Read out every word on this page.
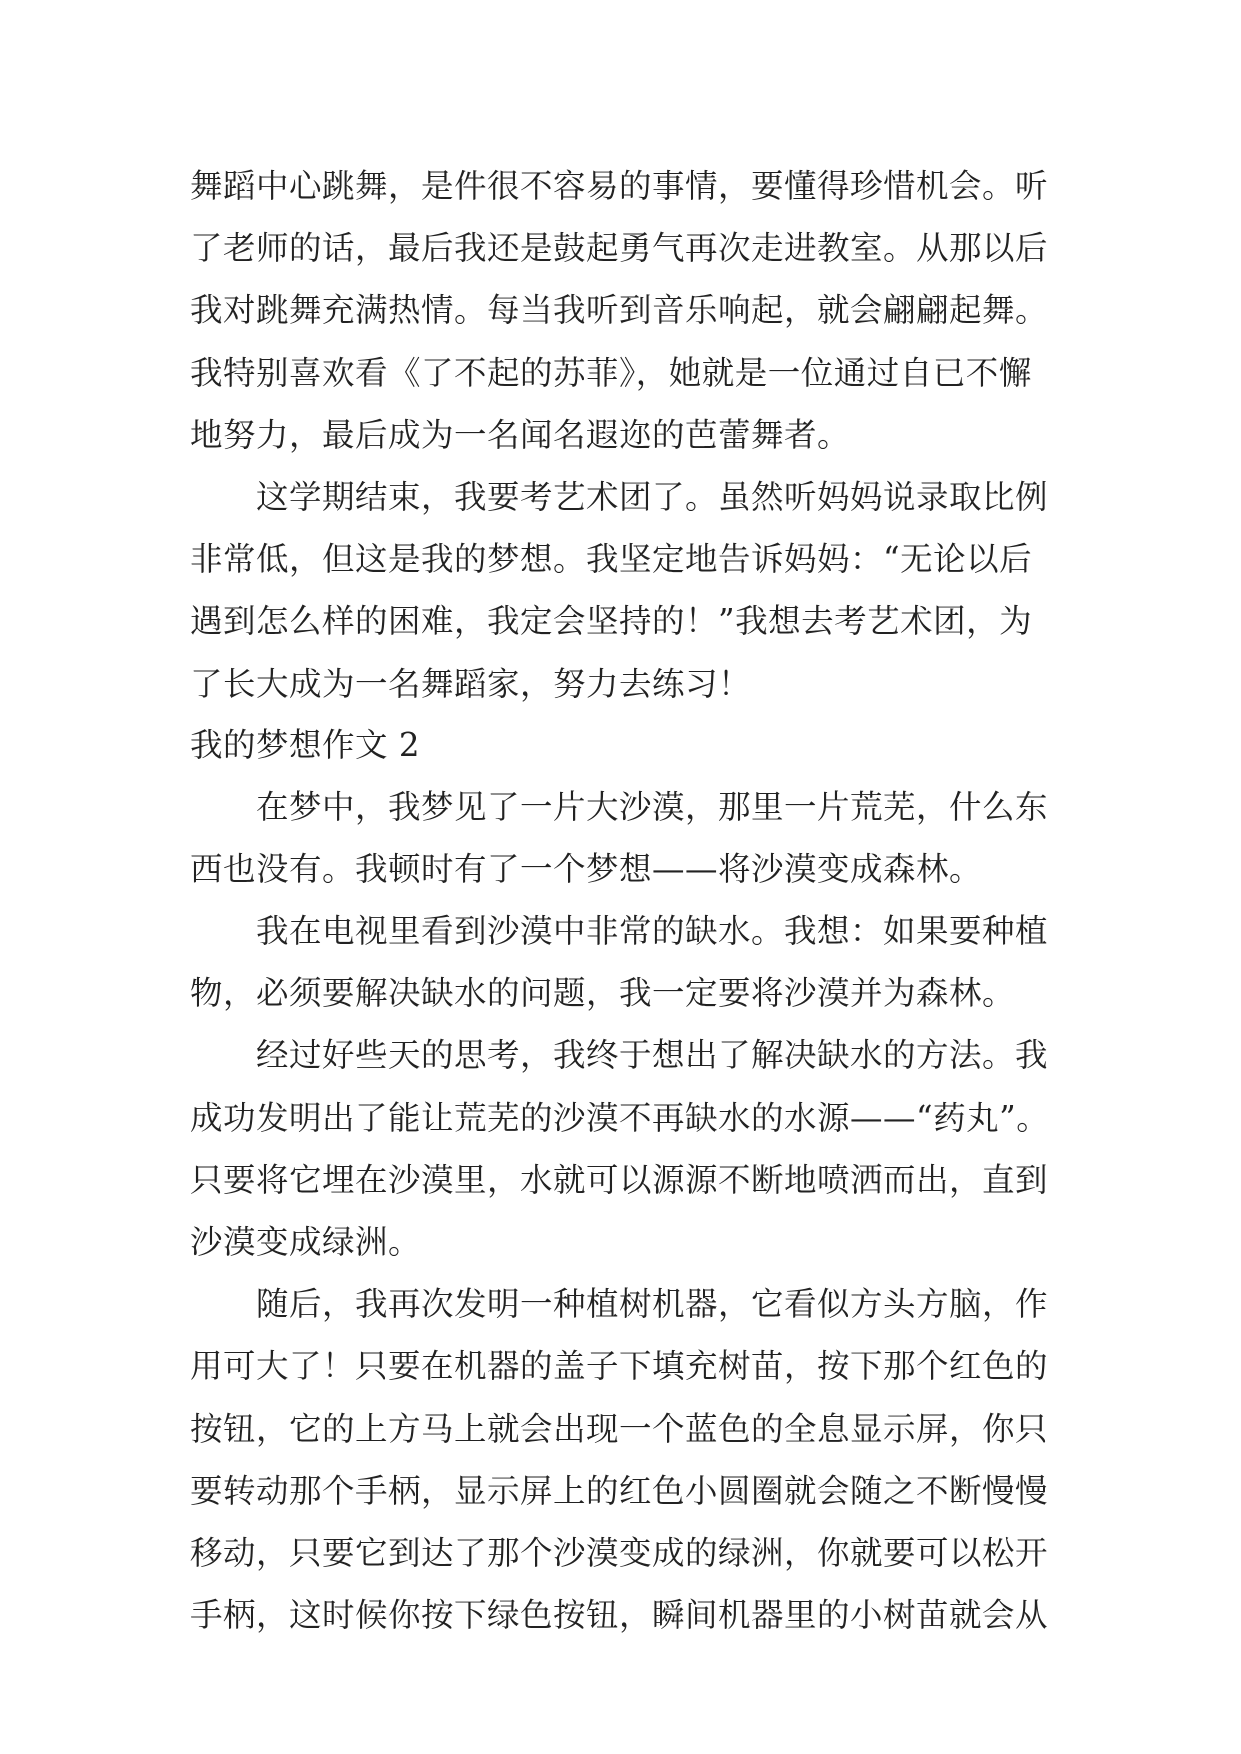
舞蹈中心跳舞，是件很不容易的事情，要懂得珍惜机会。听
了老师的话，最后我还是鼓起勇气再次走进教室。从那以后
我对跳舞充满热情。每当我听到音乐响起，就会翩翩起舞。
我特别喜欢看《了不起的苏菲》，她就是一位通过自已不懈
地努力，最后成为一名闻名遐迩的芭蕾舞者。
这学期结束，我要考艺术团了。虽然听妈妈说录取比例
非常低，但这是我的梦想。我坚定地告诉妈妈：“无论以后
遇到怎么样的困难，我定会坚持的！”我想去考艺术团，为
了长大成为一名舞蹈家，努力去练习！
我的梦想作文 2
在梦中，我梦见了一片大沙漠，那里一片荒芜，什么东
西也没有。我顿时有了一个梦想——将沙漠变成森林。
我在电视里看到沙漠中非常的缺水。我想：如果要种植
物，必须要解决缺水的问题，我一定要将沙漠并为森林。
经过好些天的思考，我终于想出了解决缺水的方法。我
成功发明出了能让荒芜的沙漠不再缺水的水源——“药丸”。
只要将它埋在沙漠里，水就可以源源不断地喷洒而出，直到
沙漠变成绿洲。
随后，我再次发明一种植树机器，它看似方头方脑，作
用可大了！只要在机器的盖子下填充树苗，按下那个红色的
按钮，它的上方马上就会出现一个蓝色的全息显示屏，你只
要转动那个手柄，显示屏上的红色小圆圈就会随之不断慢慢
移动，只要它到达了那个沙漠变成的绿洲，你就要可以松开
手柄，这时候你按下绿色按钮，瞬间机器里的小树苗就会从
